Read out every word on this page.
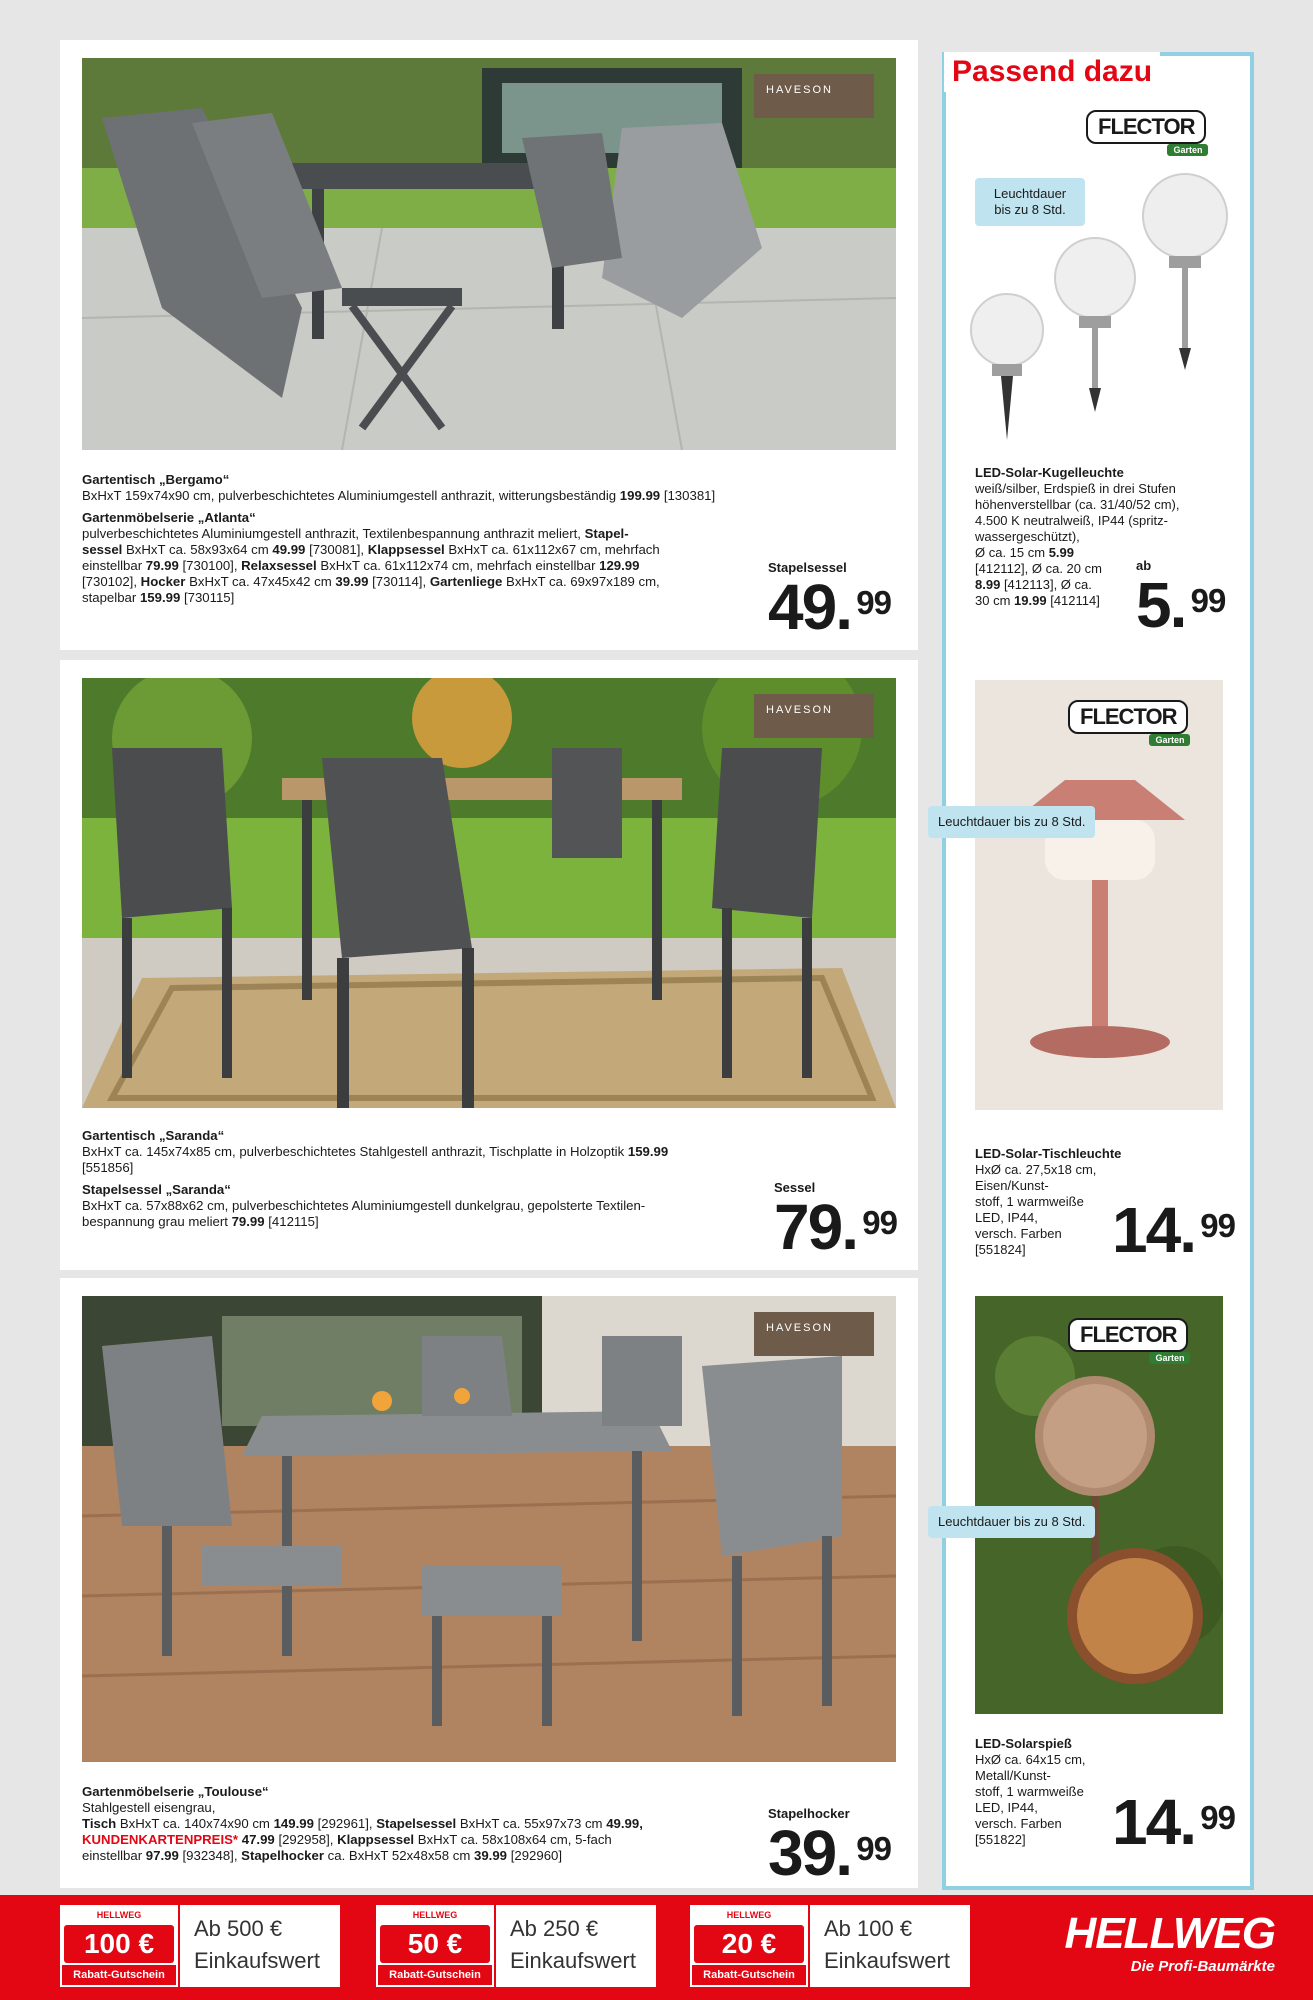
HAVESON
Gartentisch „Bergamo“
BxHxT 159x74x90 cm, pulverbeschichtetes Aluminiumgestell anthrazit, witterungsbeständig 199.99 [130381]
Gartenmöbelserie „Atlanta“
pulverbeschichtetes Aluminiumgestell anthrazit, Textilenbespannung anthrazit meliert, Stapel-
sessel BxHxT ca. 58x93x64 cm 49.99 [730081], Klappsessel BxHxT ca. 61x112x67 cm, mehrfach
einstellbar 79.99 [730100], Relaxsessel BxHxT ca. 61x112x74 cm, mehrfach einstellbar 129.99
[730102], Hocker BxHxT ca. 47x45x42 cm 39.99 [730114], Gartenliege BxHxT ca. 69x97x189 cm,
stapelbar 159.99 [730115]
Stapelsessel
49. 99
HAVESON
Gartentisch „Saranda“
BxHxT ca. 145x74x85 cm, pulverbeschichtetes Stahlgestell anthrazit, Tischplatte in Holzoptik 159.99
[551856]
Stapelsessel „Saranda“
BxHxT ca. 57x88x62 cm, pulverbeschichtetes Aluminiumgestell dunkelgrau, gepolsterte Textilen-
bespannung grau meliert 79.99 [412115]
Sessel
79. 99
HAVESON
Gartenmöbelserie „Toulouse“
Stahlgestell eisengrau,
Tisch BxHxT ca. 140x74x90 cm 149.99 [292961], Stapelsessel BxHxT ca. 55x97x73 cm 49.99,
KUNDENKARTENPREIS* 47.99 [292958], Klappsessel BxHxT ca. 58x108x64 cm, 5-fach
einstellbar 97.99 [932348], Stapelhocker ca. BxHxT 52x48x58 cm 39.99 [292960]
Stapelhocker
39. 99
Passend dazu
FLECTOR
Garten
Leuchtdauer
bis zu 8 Std.
LED-Solar-Kugelleuchte
weiß/silber, Erdspieß in drei Stufen
höhenverstellbar (ca. 31/40/52 cm),
4.500 K neutralweiß, IP44 (spritz-
wassergeschützt),
Ø ca. 15 cm 5.99
[412112], Ø ca. 20 cm
8.99 [412113], Ø ca.
30 cm 19.99 [412114]
ab
5. 99
FLECTOR
Garten
Leuchtdauer bis zu 8 Std.
LED-Solar-Tischleuchte
HxØ ca. 27,5x18 cm, Eisen/Kunst-
stoff, 1 warmweiße
LED, IP44,
versch. Farben
[551824]	14. 99
FLECTOR
Garten
Leuchtdauer bis zu 8 Std.
LED-Solarspieß
HxØ ca. 64x15 cm, Metall/Kunst-
stoff, 1 warmweiße
LED, IP44,
versch. Farben
[551822]	14. 99
HELLWEG
100 €
Rabatt-Gutschein
Ab 500 €
Einkaufswert
HELLWEG
50 €
Rabatt-Gutschein
Ab 250 €
Einkaufswert
HELLWEG
20 €
Rabatt-Gutschein
Ab 100 €
Einkaufswert
HELLWEG
Die Profi-Baumärkte
